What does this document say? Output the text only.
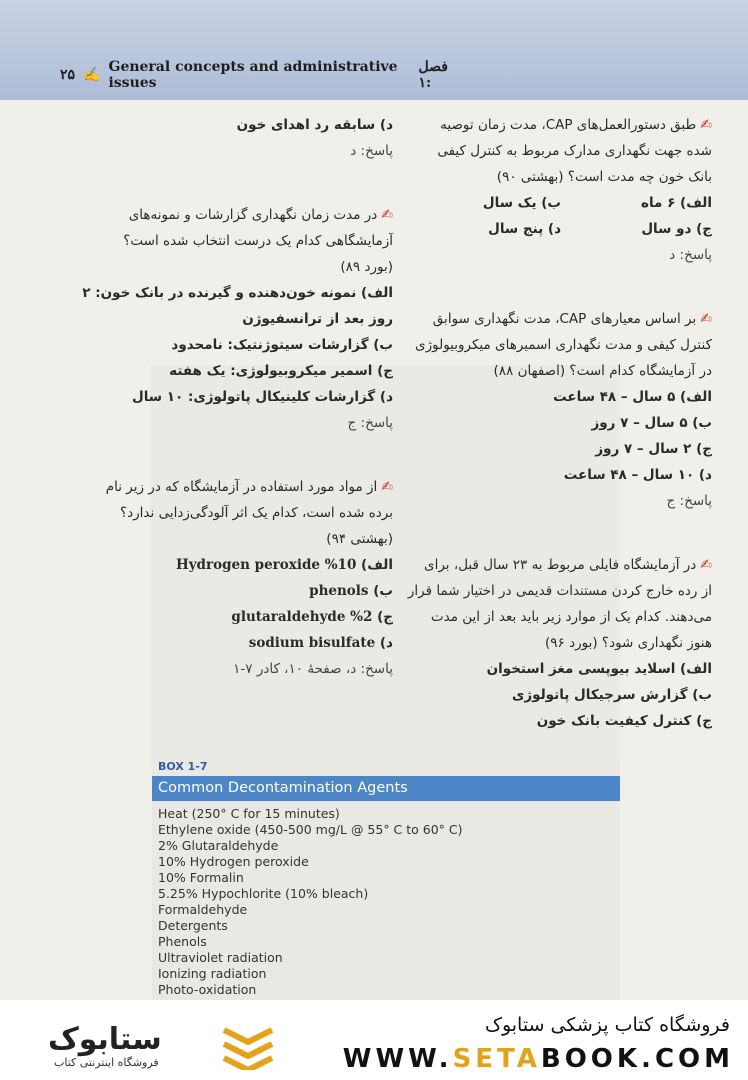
فصل ۱:
General concepts and administrative issues
✍
۲۵
✍طبق دستورالعمل‌های CAP، مدت زمان توصیه
شده جهت نگهداری مدارک مربوط به کنترل کیفی
بانک خون چه مدت است؟ (بهشتی ۹۰)
الف) ۶ ماه
ب) یک سال
ج) دو سال
د) پنج سال
پاسخ: د
✍بر اساس معیارهای CAP، مدت نگهداری سوابق
کنترل کیفی و مدت نگهداری اسمیرهای میکروبیولوژی
در آزمایشگاه کدام است؟ (اصفهان ۸۸)
الف) ۵ سال – ۴۸ ساعت
ب) ۵ سال – ۷ روز
ج) ۲ سال – ۷ روز
د) ۱۰ سال – ۴۸ ساعت
پاسخ: ج
✍در آزمایشگاه فایلی مربوط به ۲۳ سال قبل، برای
از رده خارج کردن مستندات قدیمی در اختیار شما قرار
می‌دهند. کدام یک از موارد زیر باید بعد از این مدت
هنوز نگهداری شود؟ (بورد ۹۶)
الف) اسلاید بیوپسی مغز استخوان
ب) گزارش سرجیکال پاتولوژی
ج) کنترل کیفیت بانک خون
د) سابقه رد اهدای خون
پاسخ: د
✍در مدت زمان نگهداری گزارشات و نمونه‌های
آزمایشگاهی کدام یک درست انتخاب شده است؟
(بورد ۸۹)
الف) نمونه خون‌دهنده و گیرنده در بانک خون: ۲
روز بعد از ترانسفیوژن
ب) گزارشات سیتوژنتیک: نامحدود
ج) اسمیر میکروبیولوژی: یک هفته
د) گزارشات کلینیکال پاتولوژی: ۱۰ سال
پاسخ: ج
✍از مواد مورد استفاده در آزمایشگاه که در زیر نام
برده شده است، کدام یک اثر آلودگی‌زدایی ندارد؟
(بهشتی ۹۴)
الف) 10% Hydrogen peroxide
ب) phenols
ج) 2% glutaraldehyde
د) sodium bisulfate
پاسخ: د، صفحهٔ ۱۰، کادر ۷-۱
BOX 1-7
Common Decontamination Agents
Heat (250° C for 15 minutes)
Ethylene oxide (450-500 mg/L @ 55° C to 60° C)
2% Glutaraldehyde
10% Hydrogen peroxide
10% Formalin
5.25% Hypochlorite (10% bleach)
Formaldehyde
Detergents
Phenols
Ultraviolet radiation
Ionizing radiation
Photo-oxidation
ستابوک
فروشگاه اینترنتی کتاب
فروشگاه کتاب پزشکی ستابوک
WWW.SETABOOK.COM
